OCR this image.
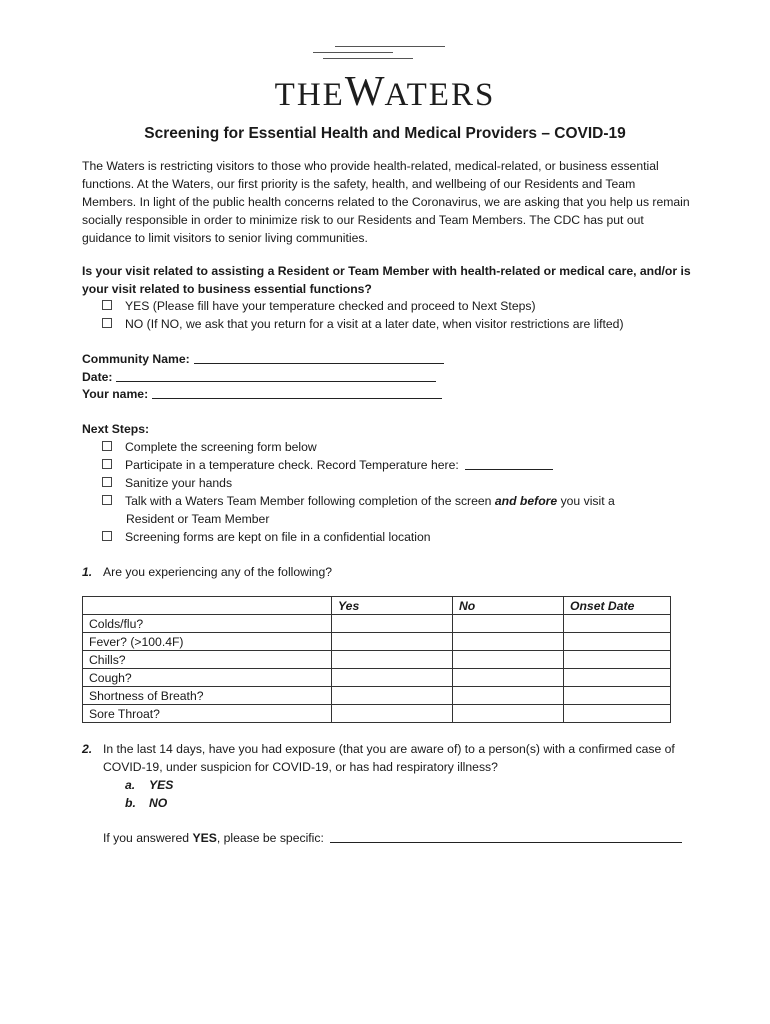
THEWATERS
Screening for Essential Health and Medical Providers – COVID-19
The Waters is restricting visitors to those who provide health-related, medical-related, or business essential functions. At the Waters, our first priority is the safety, health, and wellbeing of our Residents and Team Members. In light of the public health concerns related to the Coronavirus, we are asking that you help us remain socially responsible in order to minimize risk to our Residents and Team Members. The CDC has put out guidance to limit visitors to senior living communities.
Is your visit related to assisting a Resident or Team Member with health-related or medical care, and/or is your visit related to business essential functions?
YES (Please fill have your temperature checked and proceed to Next Steps)
NO (If NO, we ask that you return for a visit at a later date, when visitor restrictions are lifted)
Community Name:
Date:
Your name:
Next Steps:
Complete the screening form below
Participate in a temperature check. Record Temperature here:
Sanitize your hands
Talk with a Waters Team Member following completion of the screen and before you visit a
Resident or Team Member
Screening forms are kept on file in a confidential location
1. Are you experiencing any of the following?
	Yes	No	Onset Date
Colds/flu?			
Fever? (>100.4F)			
Chills?			
Cough?			
Shortness of Breath?			
Sore Throat?			
2. In the last 14 days, have you had exposure (that you are aware of) to a person(s) with a confirmed case of COVID-19, under suspicion for COVID-19, or has had respiratory illness?
a. YES
b. NO
If you answered YES, please be specific:
